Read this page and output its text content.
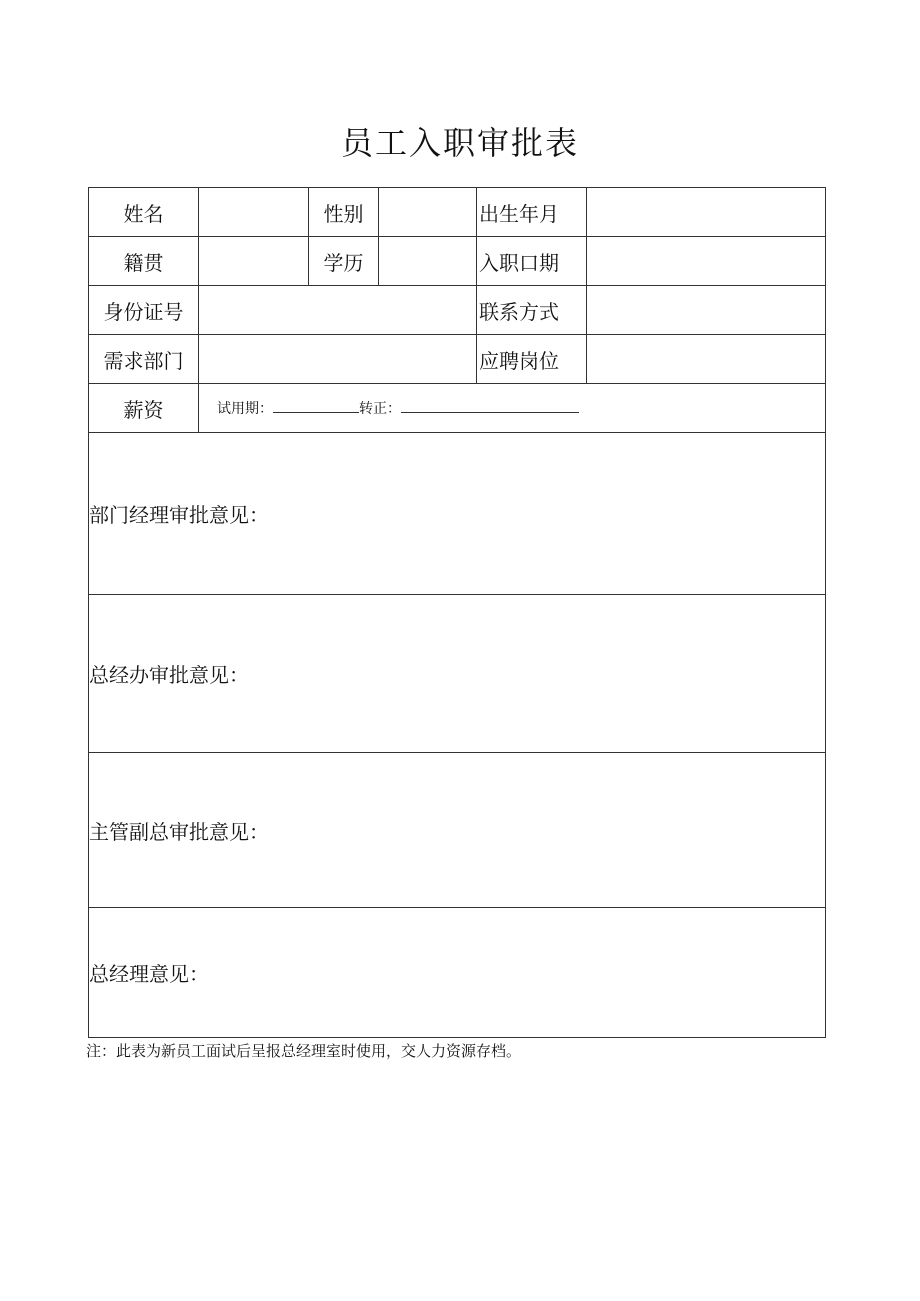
员工入职审批表
姓名		性别		出生年月	
籍贯		学历		入职口期	
身份证号				联系方式	
需求部门				应聘岗位	
薪资	试用期： 转正：				
部门经理审批意见：					
总经办审批意见：					
主管副总审批意见：					
总经理意见：					
注：此表为新员工面试后呈报总经理室时使用，交人力资源存档。
